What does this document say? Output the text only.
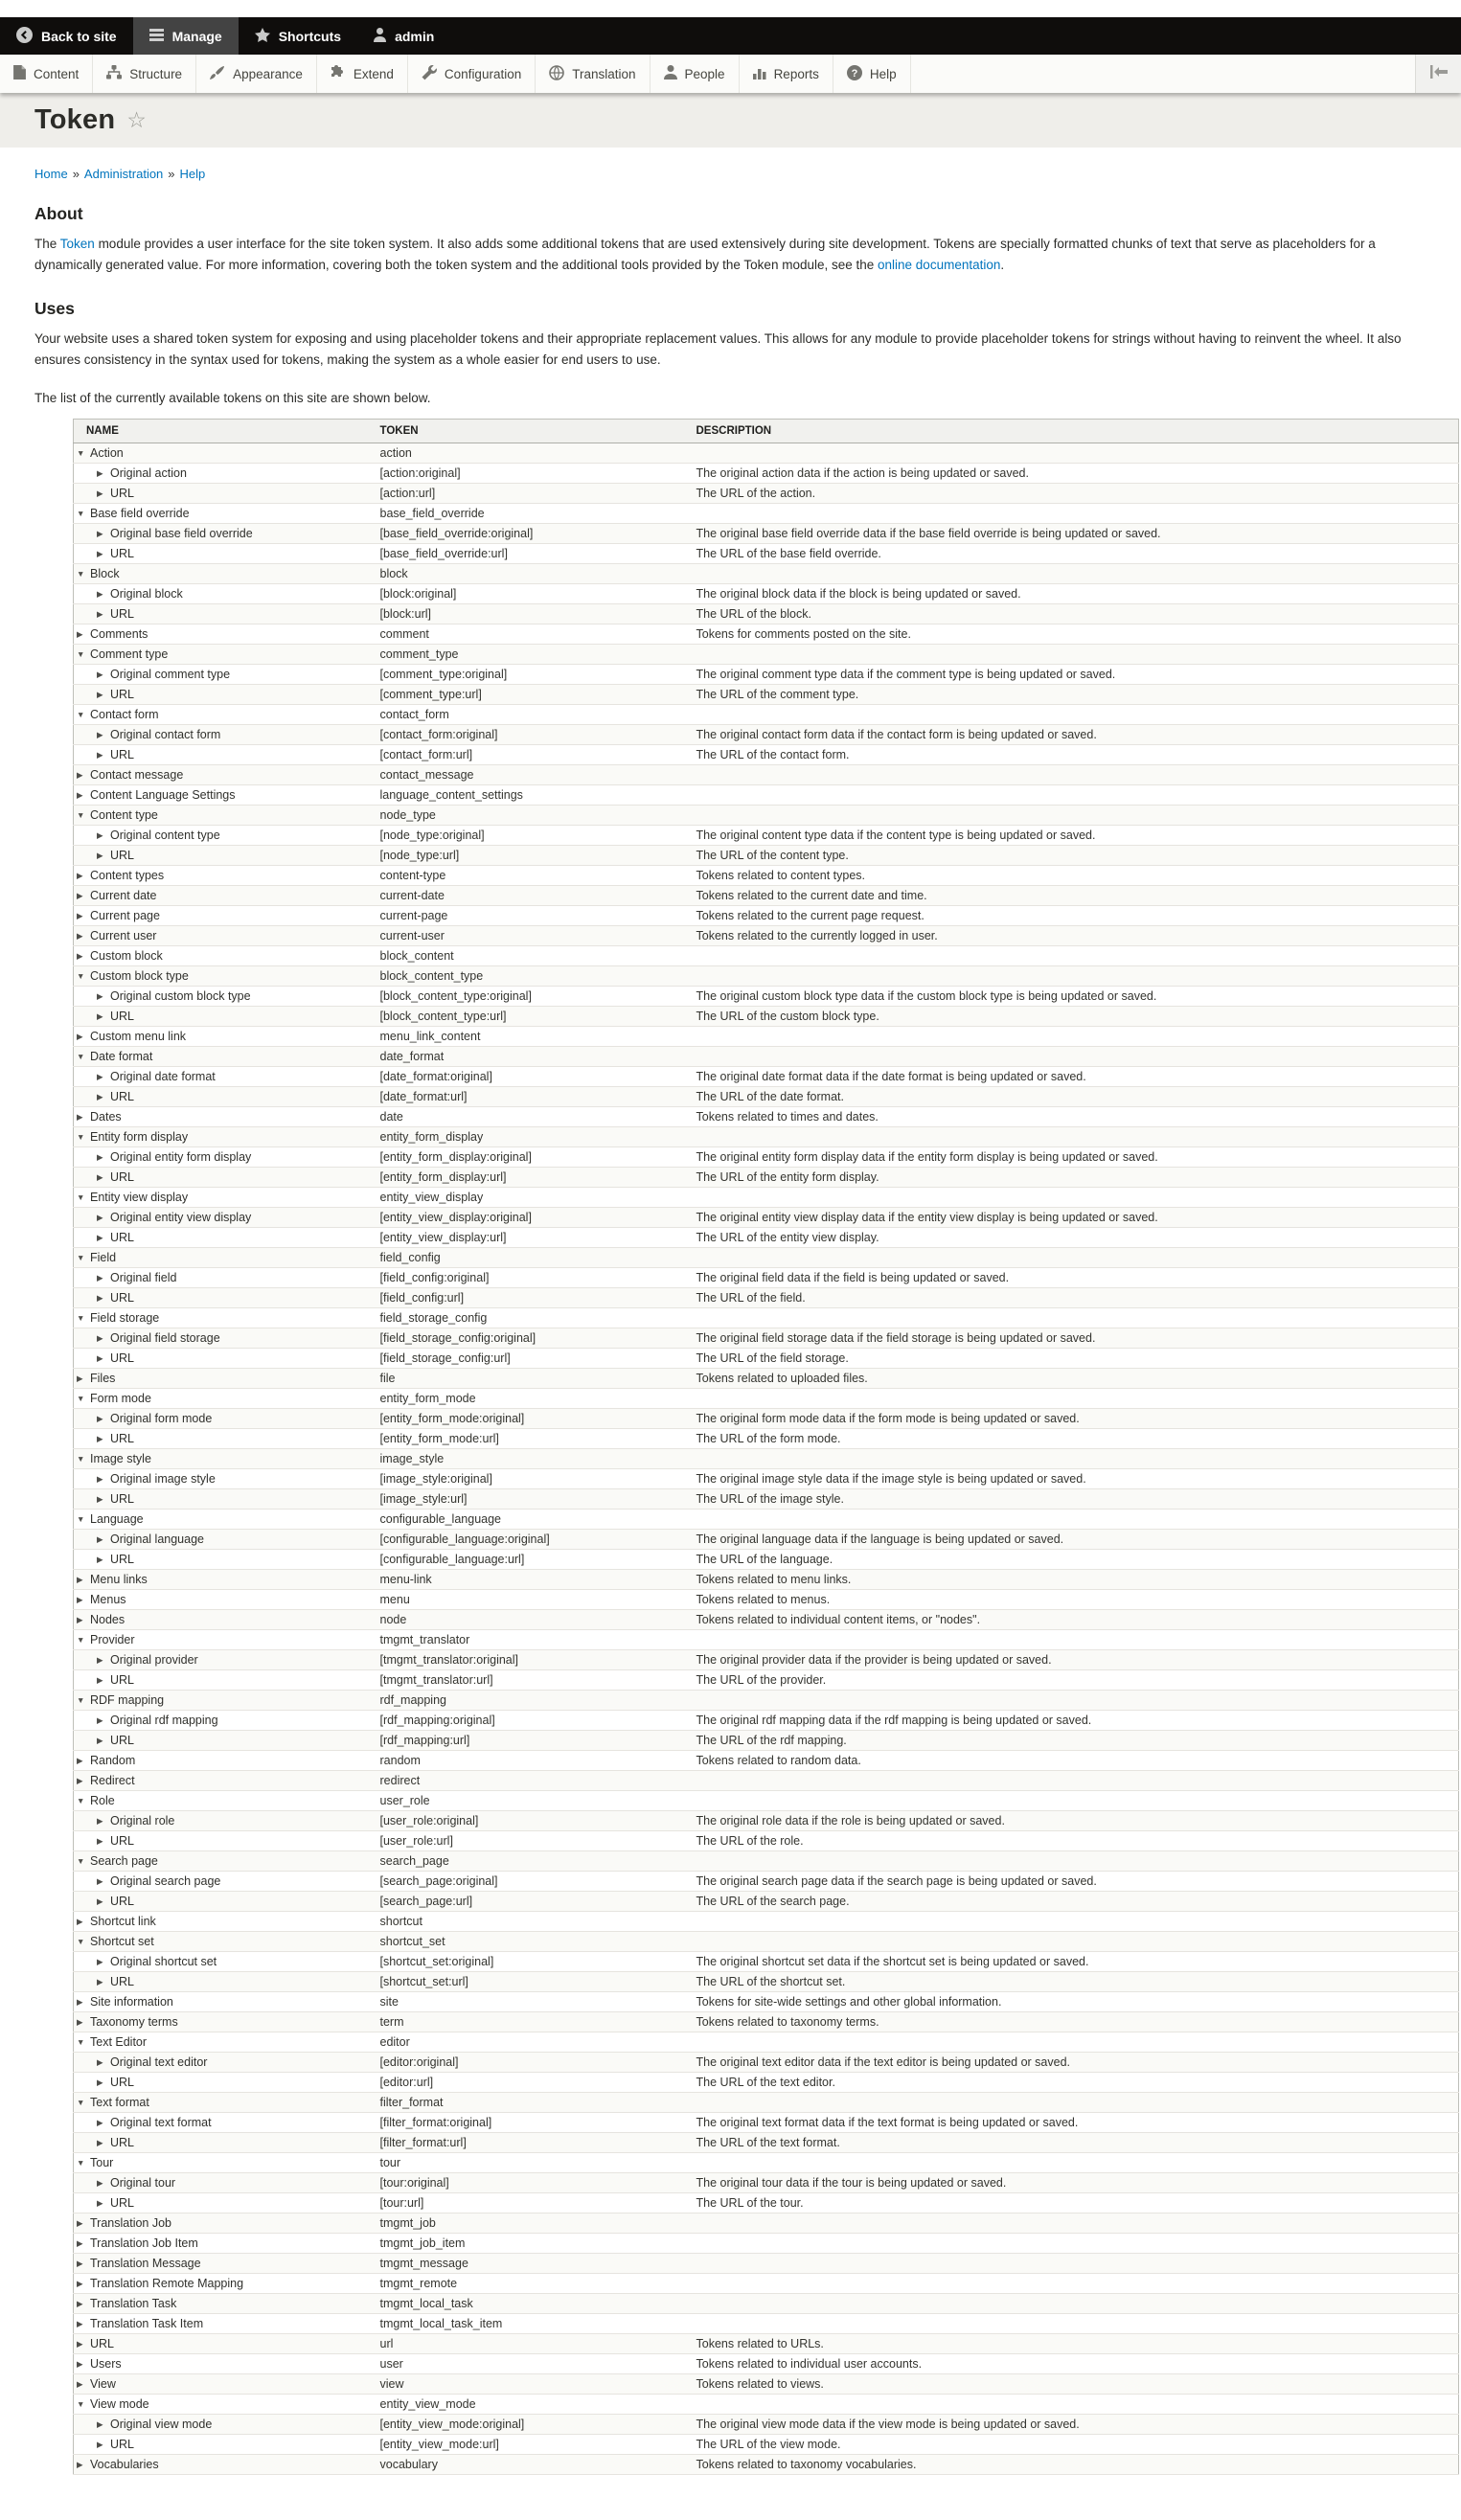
Back to site	Manage	Shortcuts	admin
Content	Structure	Appearance	Extend	Configuration	Translation	People	Reports	? Help
Token ☆
Home » Administration » Help
About

The Token module provides a user interface for the site token system. It also adds some additional tokens that are used extensively during site development. Tokens are specially formatted chunks of text that serve as placeholders for a dynamically generated value. For more information, covering both the token system and the additional tools provided by the Token module, see the online documentation.

Uses

Your website uses a shared token system for exposing and using placeholder tokens and their appropriate replacement values. This allows for any module to provide placeholder tokens for strings without having to reinvent the wheel. It also ensures consistency in the syntax used for tokens, making the system as a whole easier for end users to use.

The list of the currently available tokens on this site are shown below.

NAME	TOKEN	DESCRIPTION
▼ Action	action	
▶ Original action	[action:original]	The original action data if the action is being updated or saved.
▶ URL	[action:url]	The URL of the action.
▼ Base field override	base_field_override	
▶ Original base field override	[base_field_override:original]	The original base field override data if the base field override is being updated or saved.
▶ URL	[base_field_override:url]	The URL of the base field override.
▼ Block	block	
▶ Original block	[block:original]	The original block data if the block is being updated or saved.
▶ URL	[block:url]	The URL of the block.
▶ Comments	comment	Tokens for comments posted on the site.
▼ Comment type	comment_type	
▶ Original comment type	[comment_type:original]	The original comment type data if the comment type is being updated or saved.
▶ URL	[comment_type:url]	The URL of the comment type.
▼ Contact form	contact_form	
▶ Original contact form	[contact_form:original]	The original contact form data if the contact form is being updated or saved.
▶ URL	[contact_form:url]	The URL of the contact form.
▶ Contact message	contact_message	
▶ Content Language Settings	language_content_settings	
▼ Content type	node_type	
▶ Original content type	[node_type:original]	The original content type data if the content type is being updated or saved.
▶ URL	[node_type:url]	The URL of the content type.
▶ Content types	content-type	Tokens related to content types.
▶ Current date	current-date	Tokens related to the current date and time.
▶ Current page	current-page	Tokens related to the current page request.
▶ Current user	current-user	Tokens related to the currently logged in user.
▶ Custom block	block_content	
▼ Custom block type	block_content_type	
▶ Original custom block type	[block_content_type:original]	The original custom block type data if the custom block type is being updated or saved.
▶ URL	[block_content_type:url]	The URL of the custom block type.
▶ Custom menu link	menu_link_content	
▼ Date format	date_format	
▶ Original date format	[date_format:original]	The original date format data if the date format is being updated or saved.
▶ URL	[date_format:url]	The URL of the date format.
▶ Dates	date	Tokens related to times and dates.
▼ Entity form display	entity_form_display	
▶ Original entity form display	[entity_form_display:original]	The original entity form display data if the entity form display is being updated or saved.
▶ URL	[entity_form_display:url]	The URL of the entity form display.
▼ Entity view display	entity_view_display	
▶ Original entity view display	[entity_view_display:original]	The original entity view display data if the entity view display is being updated or saved.
▶ URL	[entity_view_display:url]	The URL of the entity view display.
▼ Field	field_config	
▶ Original field	[field_config:original]	The original field data if the field is being updated or saved.
▶ URL	[field_config:url]	The URL of the field.
▼ Field storage	field_storage_config	
▶ Original field storage	[field_storage_config:original]	The original field storage data if the field storage is being updated or saved.
▶ URL	[field_storage_config:url]	The URL of the field storage.
▶ Files	file	Tokens related to uploaded files.
▼ Form mode	entity_form_mode	
▶ Original form mode	[entity_form_mode:original]	The original form mode data if the form mode is being updated or saved.
▶ URL	[entity_form_mode:url]	The URL of the form mode.
▼ Image style	image_style	
▶ Original image style	[image_style:original]	The original image style data if the image style is being updated or saved.
▶ URL	[image_style:url]	The URL of the image style.
▼ Language	configurable_language	
▶ Original language	[configurable_language:original]	The original language data if the language is being updated or saved.
▶ URL	[configurable_language:url]	The URL of the language.
▶ Menu links	menu-link	Tokens related to menu links.
▶ Menus	menu	Tokens related to menus.
▶ Nodes	node	Tokens related to individual content items, or "nodes".
▼ Provider	tmgmt_translator	
▶ Original provider	[tmgmt_translator:original]	The original provider data if the provider is being updated or saved.
▶ URL	[tmgmt_translator:url]	The URL of the provider.
▼ RDF mapping	rdf_mapping	
▶ Original rdf mapping	[rdf_mapping:original]	The original rdf mapping data if the rdf mapping is being updated or saved.
▶ URL	[rdf_mapping:url]	The URL of the rdf mapping.
▶ Random	random	Tokens related to random data.
▶ Redirect	redirect	
▼ Role	user_role	
▶ Original role	[user_role:original]	The original role data if the role is being updated or saved.
▶ URL	[user_role:url]	The URL of the role.
▼ Search page	search_page	
▶ Original search page	[search_page:original]	The original search page data if the search page is being updated or saved.
▶ URL	[search_page:url]	The URL of the search page.
▶ Shortcut link	shortcut	
▼ Shortcut set	shortcut_set	
▶ Original shortcut set	[shortcut_set:original]	The original shortcut set data if the shortcut set is being updated or saved.
▶ URL	[shortcut_set:url]	The URL of the shortcut set.
▶ Site information	site	Tokens for site-wide settings and other global information.
▶ Taxonomy terms	term	Tokens related to taxonomy terms.
▼ Text Editor	editor	
▶ Original text editor	[editor:original]	The original text editor data if the text editor is being updated or saved.
▶ URL	[editor:url]	The URL of the text editor.
▼ Text format	filter_format	
▶ Original text format	[filter_format:original]	The original text format data if the text format is being updated or saved.
▶ URL	[filter_format:url]	The URL of the text format.
▼ Tour	tour	
▶ Original tour	[tour:original]	The original tour data if the tour is being updated or saved.
▶ URL	[tour:url]	The URL of the tour.
▶ Translation Job	tmgmt_job	
▶ Translation Job Item	tmgmt_job_item	
▶ Translation Message	tmgmt_message	
▶ Translation Remote Mapping	tmgmt_remote	
▶ Translation Task	tmgmt_local_task	
▶ Translation Task Item	tmgmt_local_task_item	
▶ URL	url	Tokens related to URLs.
▶ Users	user	Tokens related to individual user accounts.
▶ View	view	Tokens related to views.
▼ View mode	entity_view_mode	
▶ Original view mode	[entity_view_mode:original]	The original view mode data if the view mode is being updated or saved.
▶ URL	[entity_view_mode:url]	The URL of the view mode.
▶ Vocabularies	vocabulary	Tokens related to taxonomy vocabularies.
